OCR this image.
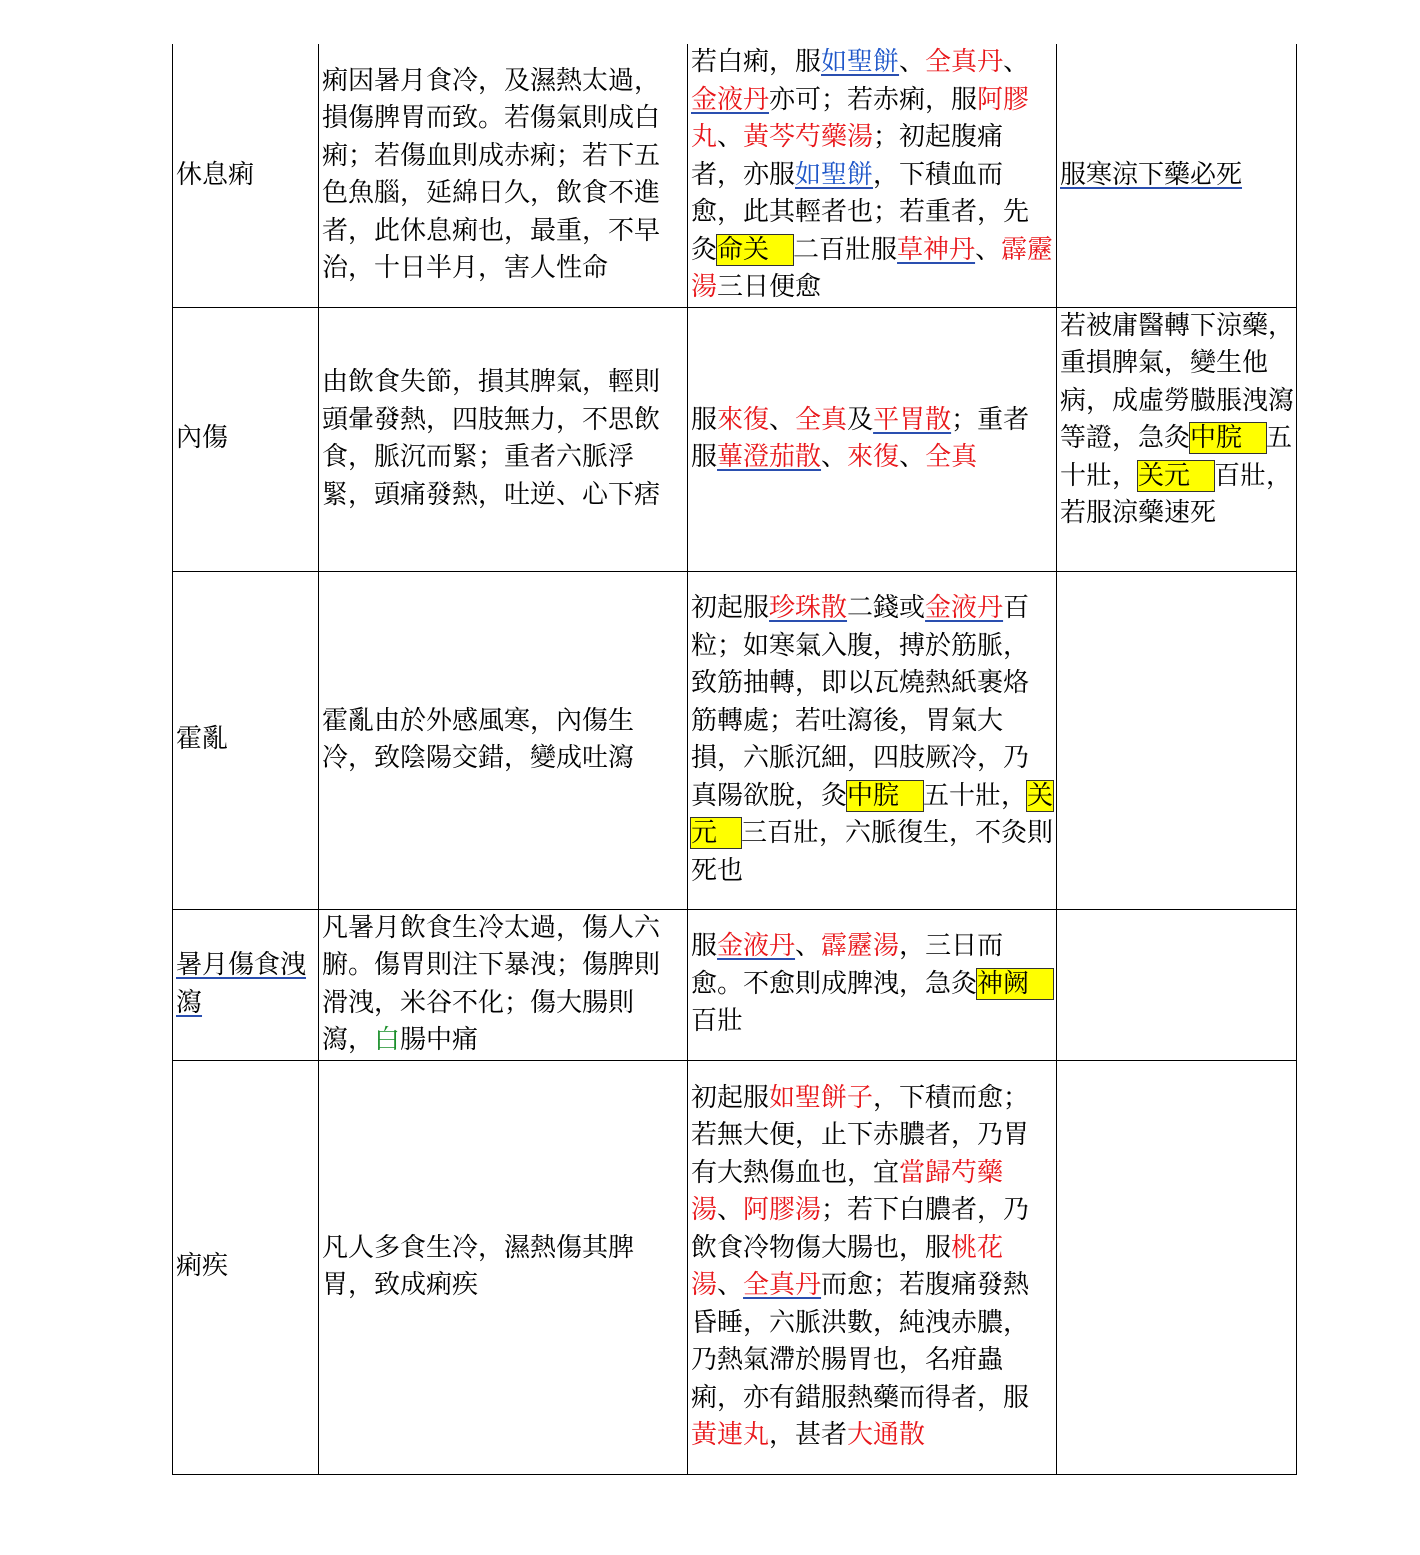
休息痢	痢因暑月食冷，及濕熱太過，損傷脾胃而致。若傷氣則成白痢；若傷血則成赤痢；若下五色魚腦，延綿日久，飲食不進者，此休息痢也，最重，不早治，十日半月，害人性命	若白痢，服如聖餅、全真丹、金液丹亦可；若赤痢，服阿膠丸、黃芩芍藥湯；初起腹痛者，亦服如聖餅，下積血而愈，此其輕者也；若重者，先灸命关 二百壯服草神丹、霹靂湯三日便愈	服寒涼下藥必死
內傷	由飲食失節，損其脾氣，輕則頭暈發熱，四肢無力，不思飲食，脈沉而緊；重者六脈浮緊，頭痛發熱，吐逆、心下痞	服來復、全真及平胃散；重者服蓽澄茄散、來復、全真	若被庸醫轉下涼藥，重損脾氣，變生他病，成虛勞臌脹洩瀉等證，急灸中脘 五十壯，关元 百壯，若服涼藥速死
霍亂	霍亂由於外感風寒，內傷生冷，致陰陽交錯，變成吐瀉	初起服珍珠散二錢或金液丹百粒；如寒氣入腹，搏於筋脈，致筋抽轉，即以瓦燒熱紙裹烙筋轉處；若吐瀉後，胃氣大損，六脈沉細，四肢厥冷，乃真陽欲脫，灸中脘 五十壯，关元 三百壯，六脈復生，不灸則死也	
暑月傷食洩瀉	凡暑月飲食生冷太過，傷人六腑。傷胃則注下暴洩；傷脾則滑洩，米谷不化；傷大腸則瀉，白腸中痛	服金液丹、霹靂湯，三日而愈。不愈則成脾洩，急灸神阙百壯	
痢疾	凡人多食生冷，濕熱傷其脾胃，致成痢疾	初起服如聖餅子，下積而愈；若無大便，止下赤膿者，乃胃有大熱傷血也，宜當歸芍藥湯、阿膠湯；若下白膿者，乃飲食冷物傷大腸也，服桃花湯、全真丹而愈；若腹痛發熱昏睡，六脈洪數，純洩赤膿，乃熱氣滯於腸胃也，名疳蟲痢，亦有錯服熱藥而得者，服黃連丸，甚者大通散	
